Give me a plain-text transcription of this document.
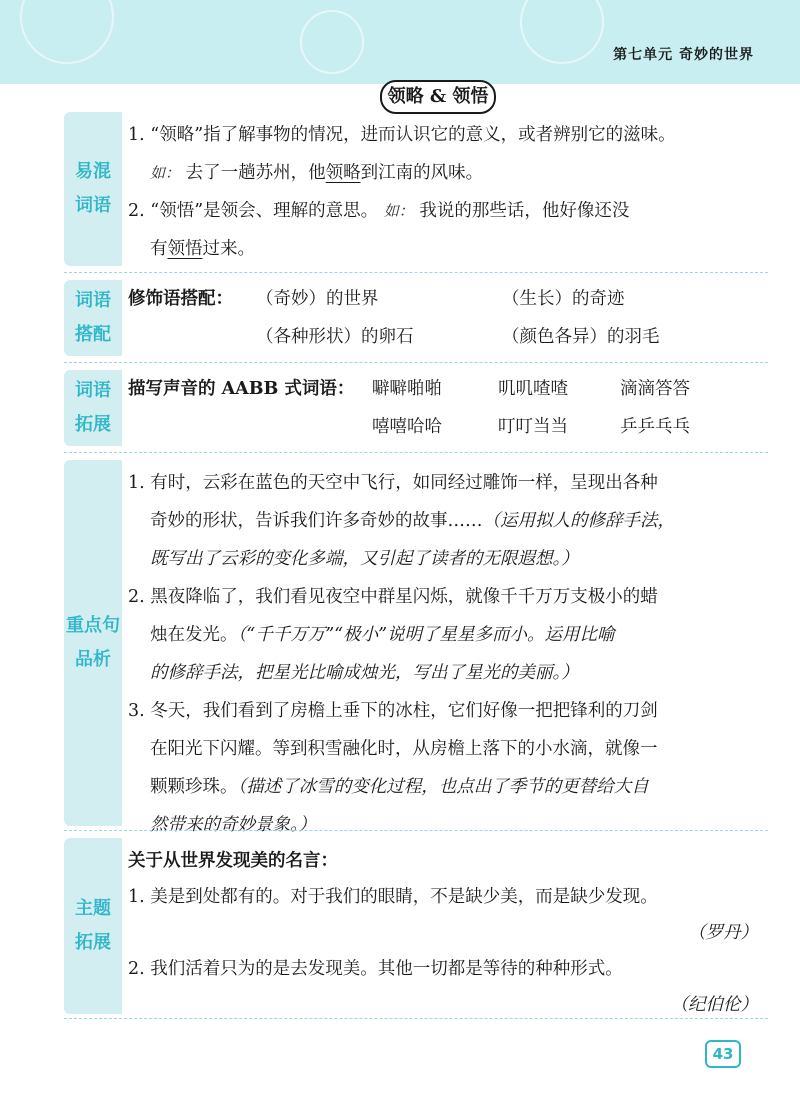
第七单元 奇妙的世界
领略 & 领悟
易混
词语
1. “领略”指了解事物的情况，进而认识它的意义，或者辨别它的滋味。
如： 去了一趟苏州，他领略到江南的风味。
2. “领悟”是领会、理解的意思。 如： 我说的那些话，他好像还没
有领悟过来。
词语
搭配
修饰语搭配： （奇妙）的世界	（生长）的奇迹
（各种形状）的卵石	（颜色各异）的羽毛
词语
拓展
描写声音的 AABB 式词语： 噼噼啪啪	叽叽喳喳	滴滴答答
嘻嘻哈哈	叮叮当当	乒乒乓乓
重点句
品析
1. 有时，云彩在蓝色的天空中飞行，如同经过雕饰一样，呈现出各种
奇妙的形状，告诉我们许多奇妙的故事……（运用拟人的修辞手法，
既写出了云彩的变化多端，又引起了读者的无限遐想。）
2. 黑夜降临了，我们看见夜空中群星闪烁，就像千千万万支极小的蜡
烛在发光。（“千千万万”“极小”说明了星星多而小。运用比喻
的修辞手法，把星光比喻成烛光，写出了星光的美丽。）
3. 冬天，我们看到了房檐上垂下的冰柱，它们好像一把把锋利的刀剑
在阳光下闪耀。等到积雪融化时，从房檐上落下的小水滴，就像一
颗颗珍珠。（描述了冰雪的变化过程，也点出了季节的更替给大自
然带来的奇妙景象。）
主题
拓展
关于从世界发现美的名言：
1. 美是到处都有的。对于我们的眼睛，不是缺少美，而是缺少发现。
（罗丹）
2. 我们活着只为的是去发现美。其他一切都是等待的种种形式。
（纪伯伦）
43
